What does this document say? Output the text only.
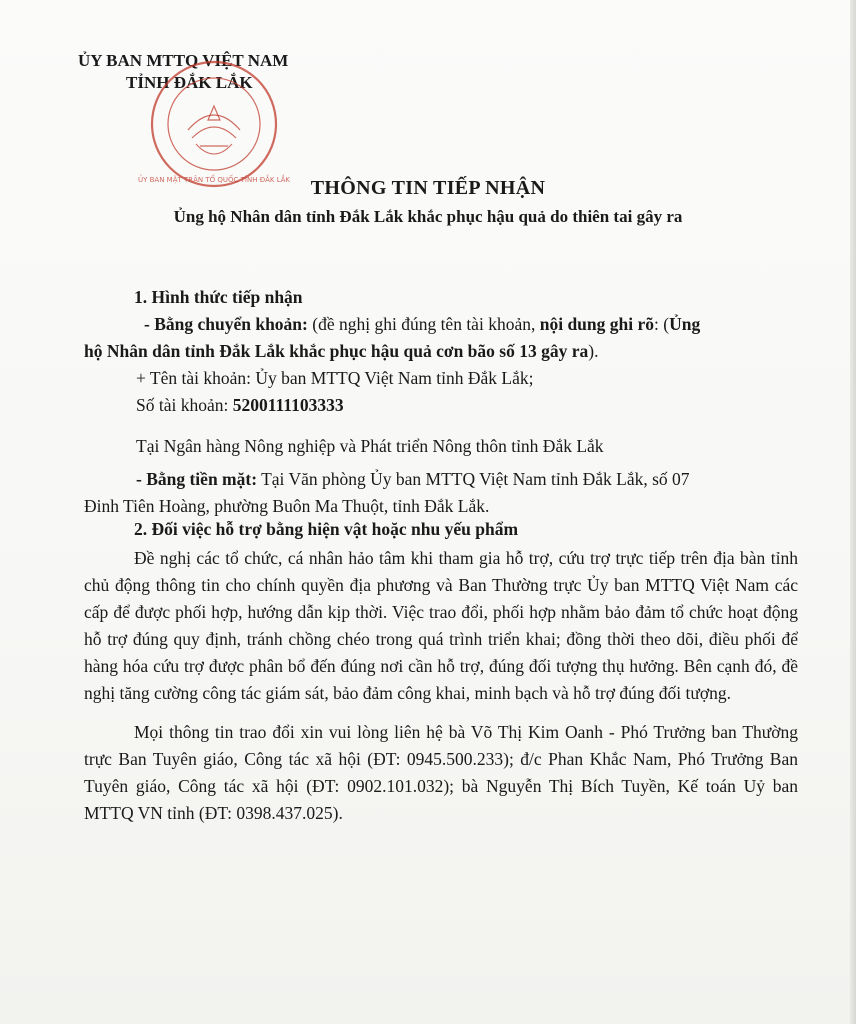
ỦY BAN MTTQ VIỆT NAM
TỈNH ĐẮK LẮK
ỦY BAN MẶT TRẬN TỔ QUỐC TỈNH ĐẮK LẮK	THÔNG TIN TIẾP NHẬN
Ủng hộ Nhân dân tỉnh Đắk Lắk khắc phục hậu quả do thiên tai gây ra
1. Hình thức tiếp nhận
- Bằng chuyển khoản: (đề nghị ghi đúng tên tài khoản, nội dung ghi rõ: (Ủng
hộ Nhân dân tỉnh Đắk Lắk khắc phục hậu quả cơn bão số 13 gây ra).
+ Tên tài khoản: Ủy ban MTTQ Việt Nam tỉnh Đắk Lắk;
Số tài khoản: 5200111103333
Tại Ngân hàng Nông nghiệp và Phát triển Nông thôn tỉnh Đắk Lắk
- Bằng tiền mặt: Tại Văn phòng Ủy ban MTTQ Việt Nam tỉnh Đắk Lắk, số 07
Đinh Tiên Hoàng, phường Buôn Ma Thuột, tỉnh Đắk Lắk.
2. Đối việc hỗ trợ bằng hiện vật hoặc nhu yếu phẩm
Đề nghị các tổ chức, cá nhân hảo tâm khi tham gia hỗ trợ, cứu trợ trực tiếp trên địa bàn tỉnh chủ động thông tin cho chính quyền địa phương và Ban Thường trực Ủy ban MTTQ Việt Nam các cấp để được phối hợp, hướng dẫn kịp thời. Việc trao đổi, phối hợp nhằm bảo đảm tổ chức hoạt động hỗ trợ đúng quy định, tránh chồng chéo trong quá trình triển khai; đồng thời theo dõi, điều phối để hàng hóa cứu trợ được phân bổ đến đúng nơi cần hỗ trợ, đúng đối tượng thụ hưởng. Bên cạnh đó, đề nghị tăng cường công tác giám sát, bảo đảm công khai, minh bạch và hỗ trợ đúng đối tượng.
Mọi thông tin trao đổi xin vui lòng liên hệ bà Võ Thị Kim Oanh - Phó Trưởng ban Thường trực Ban Tuyên giáo, Công tác xã hội (ĐT: 0945.500.233); đ/c Phan Khắc Nam, Phó Trưởng Ban Tuyên giáo, Công tác xã hội (ĐT: 0902.101.032); bà Nguyễn Thị Bích Tuyền, Kế toán Uỷ ban MTTQ VN tỉnh (ĐT: 0398.437.025).
